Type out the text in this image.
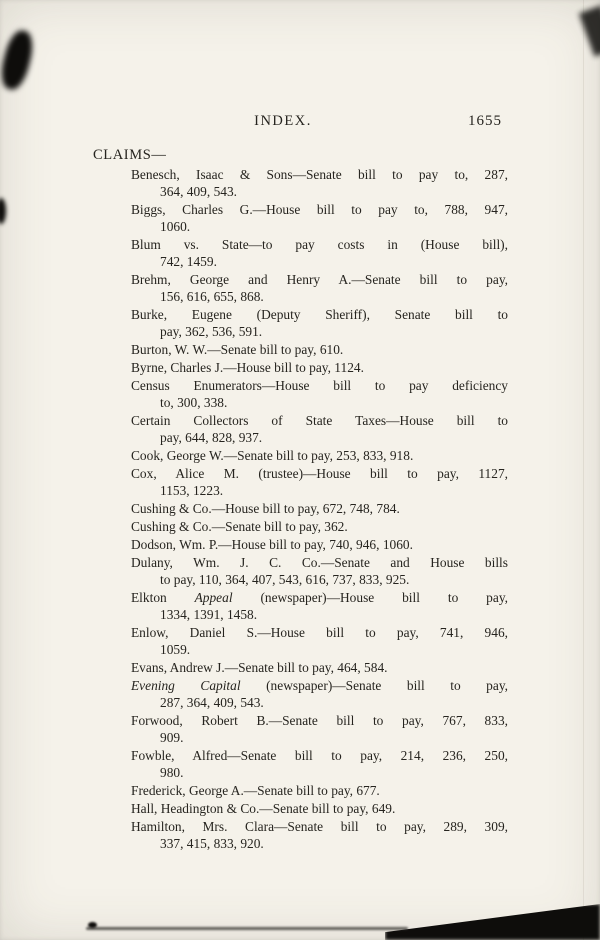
INDEX.	1655
CLAIMS—
Benesch, Isaac & Sons—Senate bill to pay to, 287,
364, 409, 543.
Biggs, Charles G.—House bill to pay to, 788, 947,
1060.
Blum vs. State—to pay costs in (House bill),
742, 1459.
Brehm, George and Henry A.—Senate bill to pay,
156, 616, 655, 868.
Burke, Eugene (Deputy Sheriff), Senate bill to
pay, 362, 536, 591.
Burton, W. W.—Senate bill to pay, 610.
Byrne, Charles J.—House bill to pay, 1124.
Census Enumerators—House bill to pay deficiency
to, 300, 338.
Certain Collectors of State Taxes—House bill to
pay, 644, 828, 937.
Cook, George W.—Senate bill to pay, 253, 833, 918.
Cox, Alice M. (trustee)—House bill to pay, 1127,
1153, 1223.
Cushing & Co.—House bill to pay, 672, 748, 784.
Cushing & Co.—Senate bill to pay, 362.
Dodson, Wm. P.—House bill to pay, 740, 946, 1060.
Dulany, Wm. J. C. Co.—Senate and House bills
to pay, 110, 364, 407, 543, 616, 737, 833, 925.
Elkton Appeal (newspaper)—House bill to pay,
1334, 1391, 1458.
Enlow, Daniel S.—House bill to pay, 741, 946,
1059.
Evans, Andrew J.—Senate bill to pay, 464, 584.
Evening Capital (newspaper)—Senate bill to pay,
287, 364, 409, 543.
Forwood, Robert B.—Senate bill to pay, 767, 833,
909.
Fowble, Alfred—Senate bill to pay, 214, 236, 250,
980.
Frederick, George A.—Senate bill to pay, 677.
Hall, Headington & Co.—Senate bill to pay, 649.
Hamilton, Mrs. Clara—Senate bill to pay, 289, 309,
337, 415, 833, 920.
